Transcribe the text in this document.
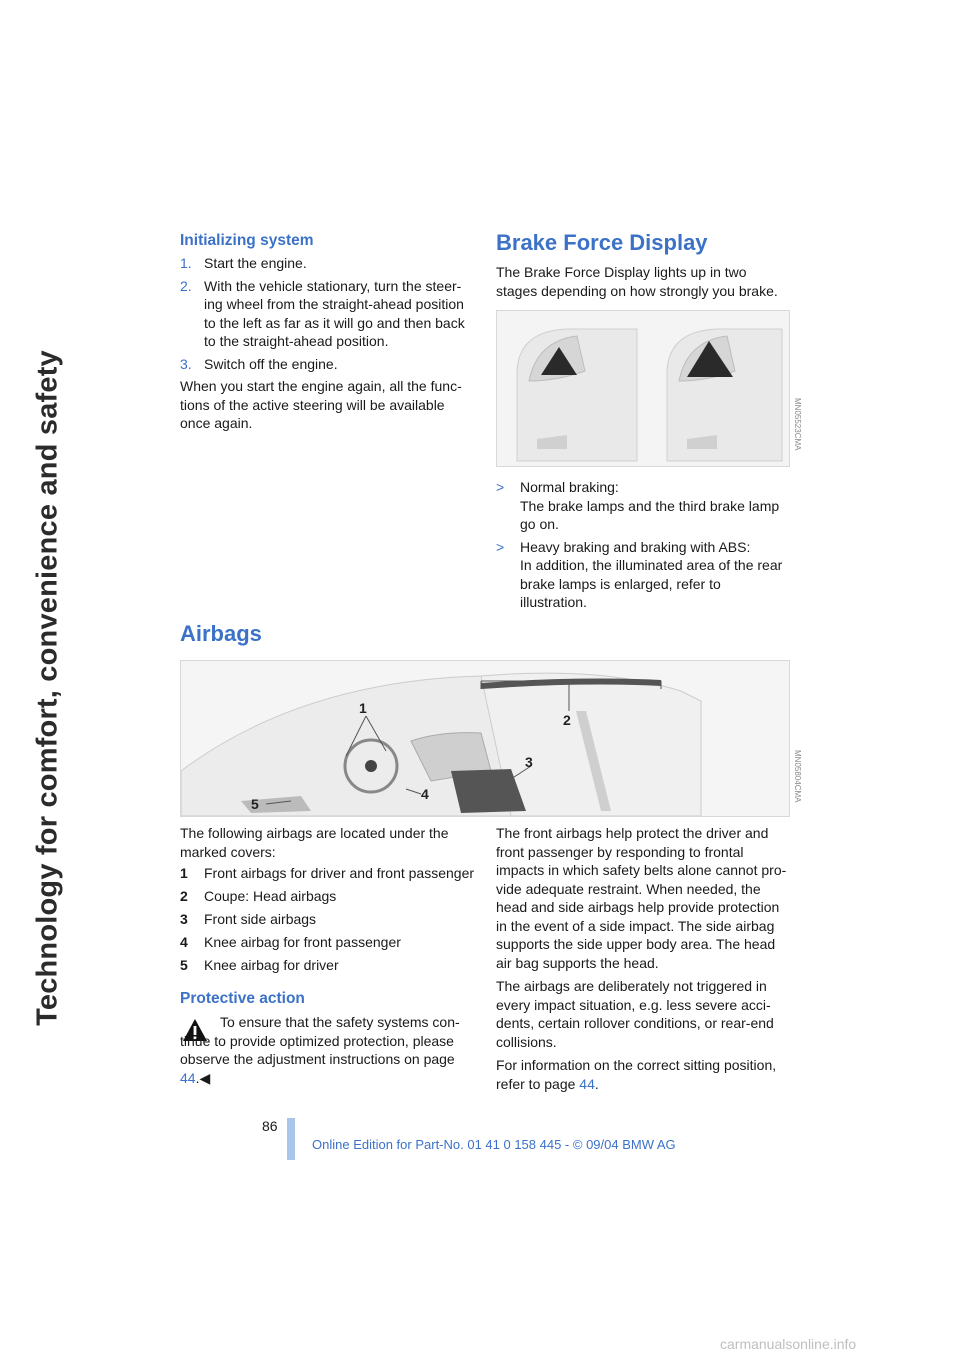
Technology for comfort, convenience and safety
Initializing system
1. Start the engine.
2. With the vehicle stationary, turn the steering wheel from the straight-ahead position to the left as far as it will go and then back to the straight-ahead position.
3. Switch off the engine.
When you start the engine again, all the functions of the active steering will be available once again.
Brake Force Display
The Brake Force Display lights up in two stages depending on how strongly you brake.
MN05523CMA
> Normal braking:
The brake lamps and the third brake lamp go on.
> Heavy braking and braking with ABS:
In addition, the illuminated area of the rear brake lamps is enlarged, refer to illustration.
Airbags
1
2
3
4
5
MN05804CMA
The following airbags are located under the marked covers:
1	Front airbags for driver and front passenger
2	Coupe: Head airbags
3	Front side airbags
4	Knee airbag for front passenger
5	Knee airbag for driver
Protective action
To ensure that the safety systems continue to provide optimized protection, please observe the adjustment instructions on page 44.◀
The front airbags help protect the driver and front passenger by responding to frontal impacts in which safety belts alone cannot provide adequate restraint. When needed, the head and side airbags help provide protection in the event of a side impact. The side airbag supports the side upper body area. The head air bag supports the head.
The airbags are deliberately not triggered in every impact situation, e.g. less severe accidents, certain rollover conditions, or rear-end collisions.
For information on the correct sitting position, refer to page 44.
86
Online Edition for Part-No. 01 41 0 158 445 - © 09/04 BMW AG
carmanualsonline.info
